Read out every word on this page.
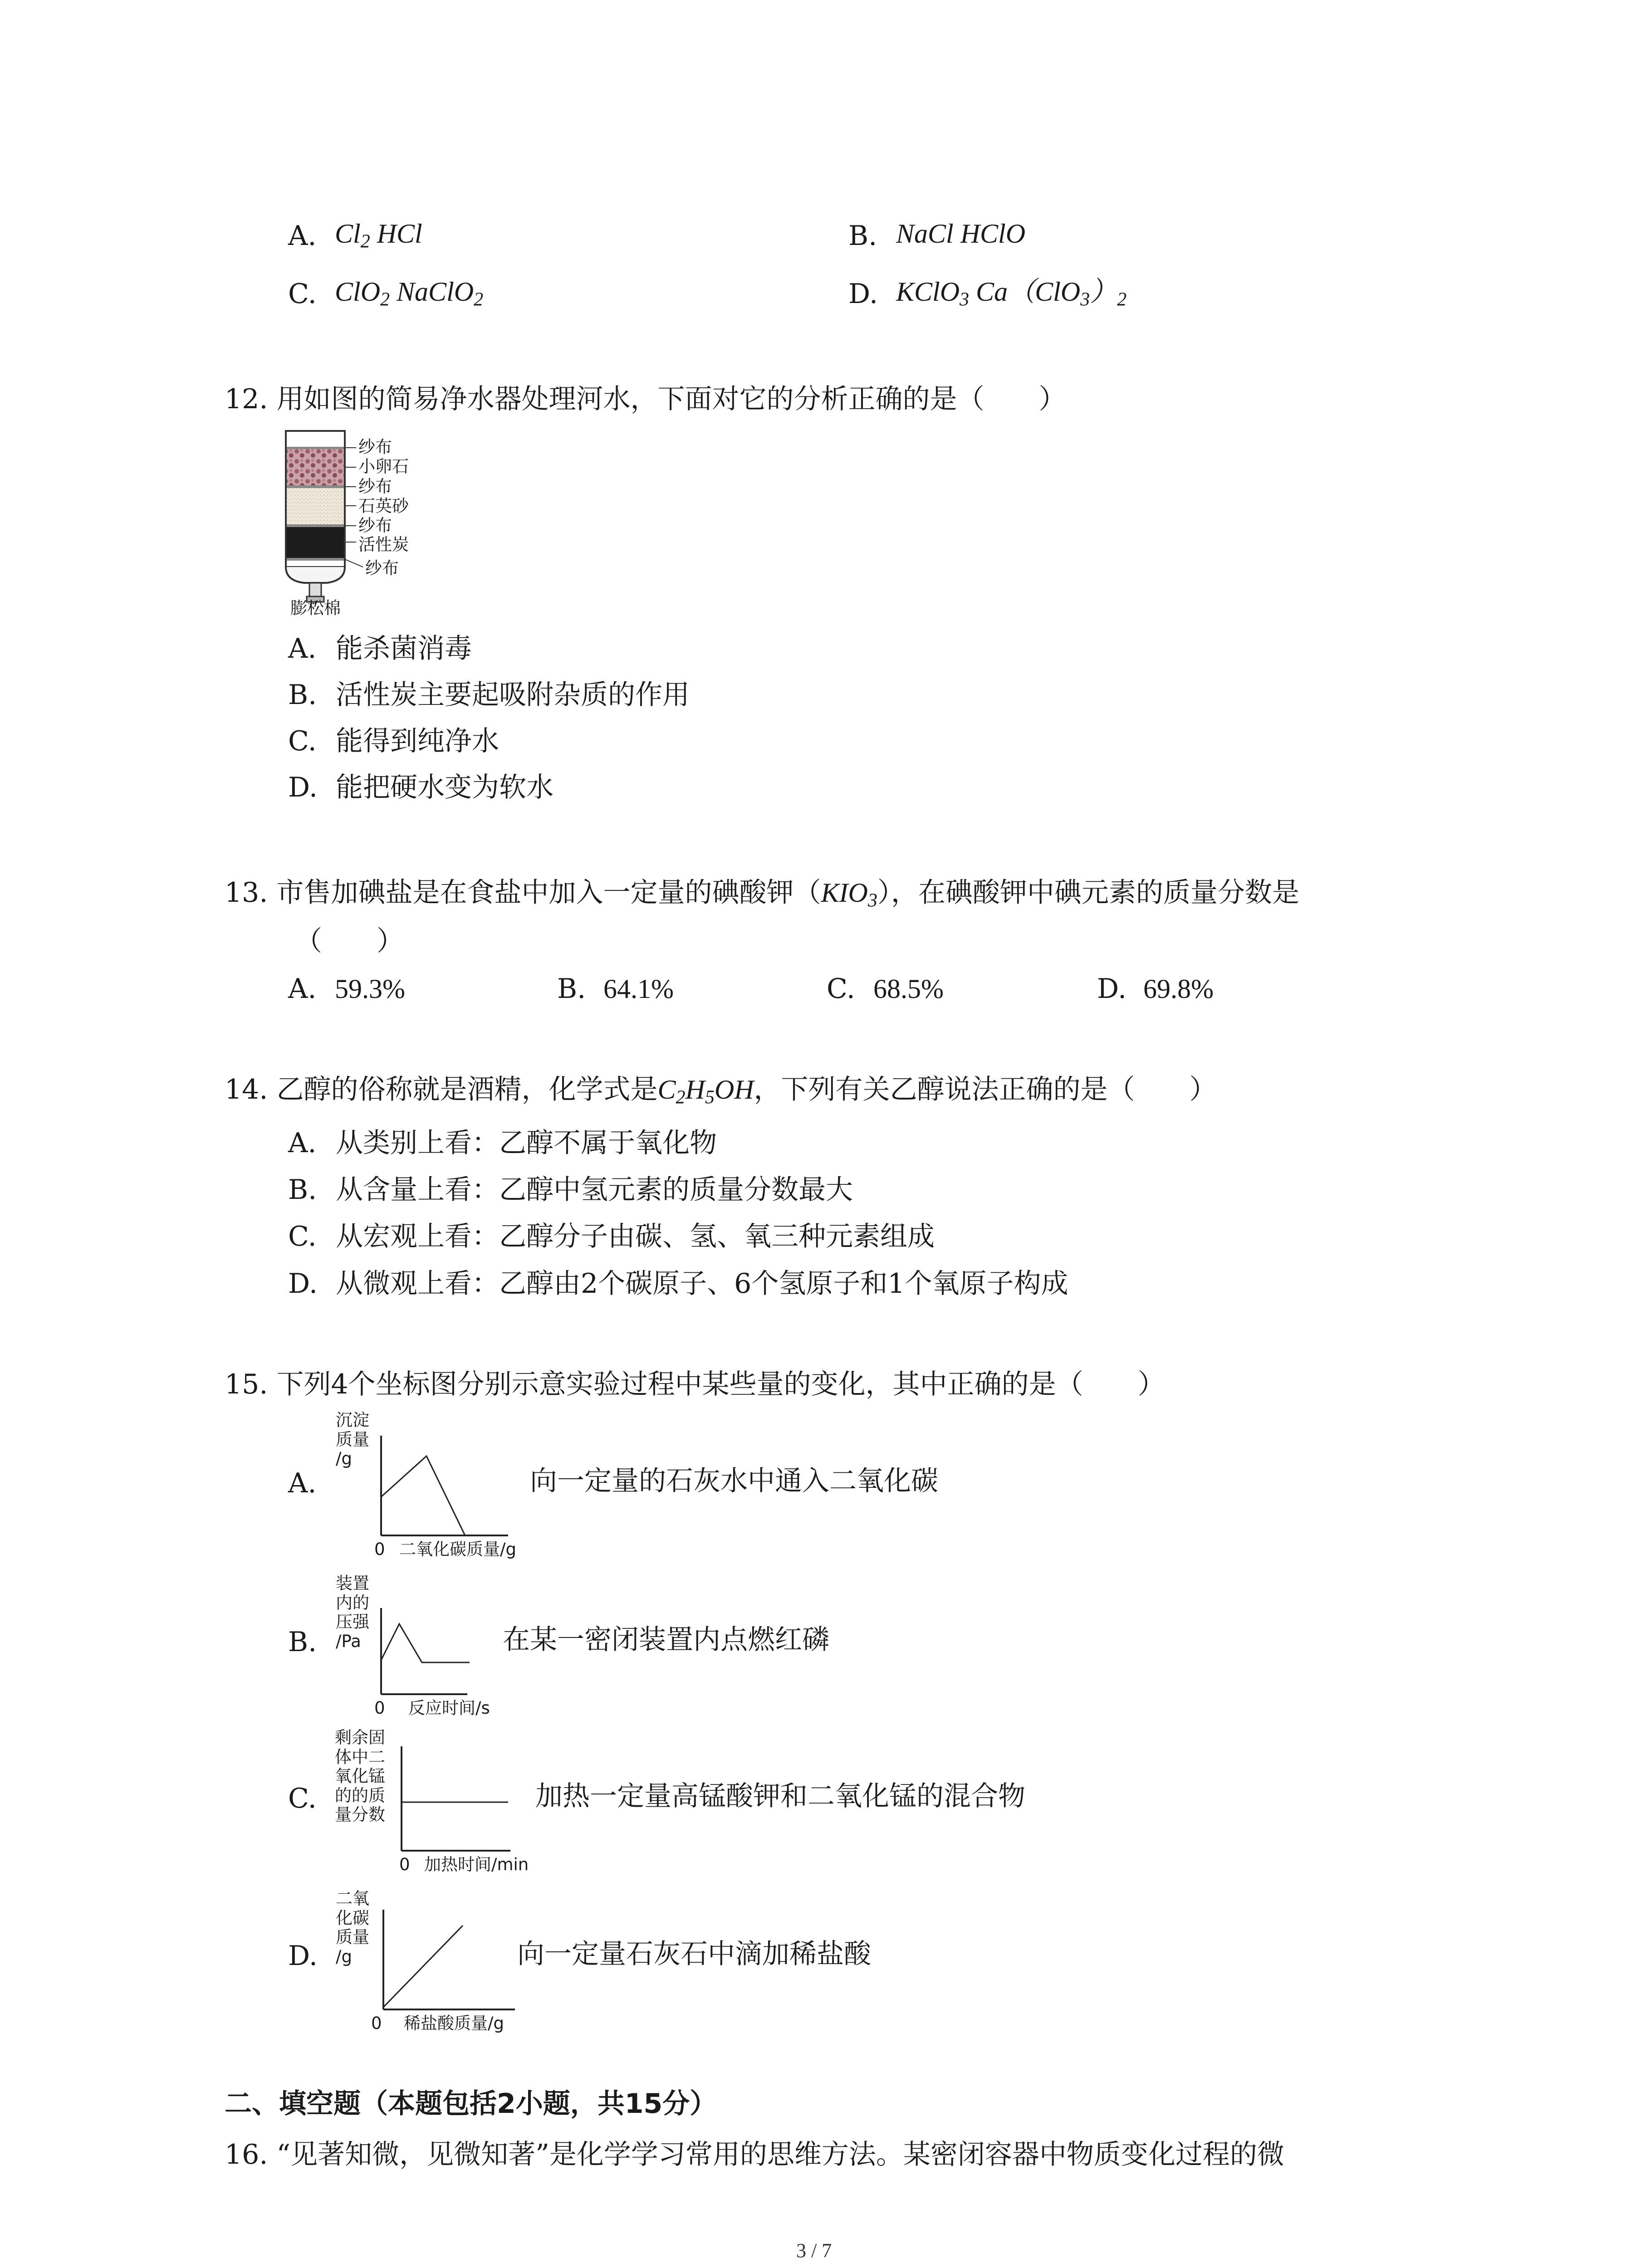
A. $Cl_2$ HCl	B. NaCl HClO
C. ClO$_2$ NaClO$_2$	D. KClO$_3$ $Ca(ClO_3)_2$
12. 用如图的简易净水器处理河水，下面对它的分析正确的是（　　）
纱布
小卵石
纱布
石英砂
纱布
活性炭
纱布
膨松棉
A. 能杀菌消毒
B. 活性炭主要起吸附杂质的作用
C. 能得到纯净水
D. 能把硬水变为软水
13. 市售加碘盐是在食盐中加入一定量的碘酸钾$(KIO_3)$，在碘酸钾中碘元素的质量分数是
（　　）
A. 59.3%	B. 64.1%	C. 68.5%	D. 69.8%
14. 乙醇的俗称就是酒精，化学式是$C_2H_5OH$，下列有关乙醇说法正确的是（　　）
A. 从类别上看：乙醇不属于氧化物
B. 从含量上看：乙醇中氢元素的质量分数最大
C. 从宏观上看：乙醇分子由碳、氢、氧三种元素组成
D. 从微观上看：乙醇由2个碳原子、6个氢原子和1个氧原子构成
15. 下列4个坐标图分别示意实验过程中某些量的变化，其中正确的是（　　）
A.
沉淀
质量
/g
0 二氧化碳质量/g
向一定量的石灰水中通入二氧化碳
B.
装置
内的
压强
/Pa
0 反应时间/s
在某一密闭装置内点燃红磷
C.
剩余固
体中二
氧化锰
的的质
量分数
0 加热时间/min
加热一定量高锰酸钾和二氧化锰的混合物
D.
二氧
化碳
质量
/g
0 稀盐酸质量/g
向一定量石灰石中滴加稀盐酸
二、填空题（本题包括2小题，共15分）
16. “见著知微，见微知著”是化学学习常用的思维方法。某密闭容器中物质变化过程的微
3 / 7
